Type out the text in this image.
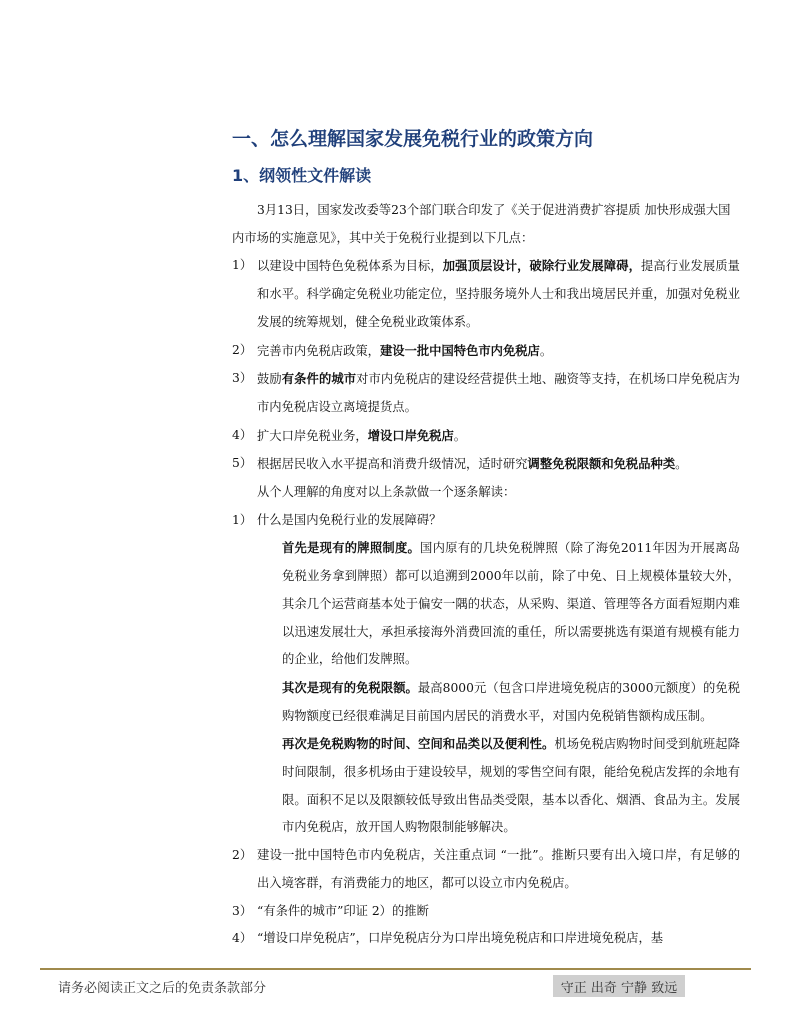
一、怎么理解国家发展免税行业的政策方向
1、纲领性文件解读

3月13日，国家发改委等23个部门联合印发了《关于促进消费扩容提质 加快形成强大国内市场的实施意见》，其中关于免税行业提到以下几点：

1） 以建设中国特色免税体系为目标，加强顶层设计，破除行业发展障碍，提高行业发展质量和水平。科学确定免税业功能定位，坚持服务境外人士和我出境居民并重，加强对免税业发展的统筹规划，健全免税业政策体系。
2） 完善市内免税店政策，建设一批中国特色市内免税店。
3） 鼓励有条件的城市对市内免税店的建设经营提供土地、融资等支持，在机场口岸免税店为市内免税店设立离境提货点。
4） 扩大口岸免税业务，增设口岸免税店。
5） 根据居民收入水平提高和消费升级情况，适时研究调整免税限额和免税品种类。

从个人理解的角度对以上条款做一个逐条解读：

1） 什么是国内免税行业的发展障碍？

首先是现有的牌照制度。国内原有的几块免税牌照（除了海免2011年因为开展离岛免税业务拿到牌照）都可以追溯到2000年以前，除了中免、日上规模体量较大外，其余几个运营商基本处于偏安一隅的状态，从采购、渠道、管理等各方面看短期内难以迅速发展壮大，承担承接海外消费回流的重任，所以需要挑选有渠道有规模有能力的企业，给他们发牌照。

其次是现有的免税限额。最高8000元（包含口岸进境免税店的3000元额度）的免税购物额度已经很难满足目前国内居民的消费水平，对国内免税销售额构成压制。

再次是免税购物的时间、空间和品类以及便利性。机场免税店购物时间受到航班起降时间限制，很多机场由于建设较早，规划的零售空间有限，能给免税店发挥的余地有限。面积不足以及限额较低导致出售品类受限，基本以香化、烟酒、食品为主。发展市内免税店，放开国人购物限制能够解决。

2） 建设一批中国特色市内免税店，关注重点词 “一批”。推断只要有出入境口岸，有足够的出入境客群，有消费能力的地区，都可以设立市内免税店。
3） “有条件的城市”印证 2）的推断
4） “增设口岸免税店”，口岸免税店分为口岸出境免税店和口岸进境免税店，基
请务必阅读正文之后的免责条款部分	守正 出奇 宁静 致远
